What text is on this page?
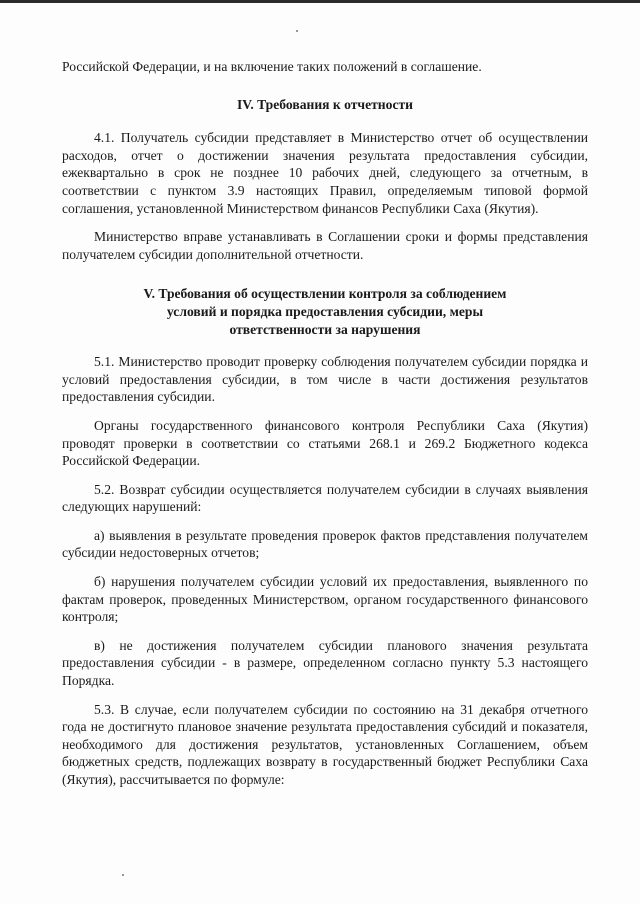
Российской Федерации, и на включение таких положений в соглашение.

IV. Требования к отчетности

4.1. Получатель субсидии представляет в Министерство отчет об осуществлении расходов, отчет о достижении значения результата предоставления субсидии, ежеквартально в срок не позднее 10 рабочих дней, следующего за отчетным, в соответствии с пунктом 3.9 настоящих Правил, определяемым типовой формой соглашения, установленной Министерством финансов Республики Саха (Якутия).

Министерство вправе устанавливать в Соглашении сроки и формы представления получателем субсидии дополнительной отчетности.

V. Требования об осуществлении контроля за соблюдением
условий и порядка предоставления субсидии, меры
ответственности за нарушения

5.1. Министерство проводит проверку соблюдения получателем субсидии порядка и условий предоставления субсидии, в том числе в части достижения результатов предоставления субсидии.

Органы государственного финансового контроля Республики Саха (Якутия) проводят проверки в соответствии со статьями 268.1 и 269.2 Бюджетного кодекса Российской Федерации.

5.2. Возврат субсидии осуществляется получателем субсидии в случаях выявления следующих нарушений:

а) выявления в результате проведения проверок фактов представления получателем субсидии недостоверных отчетов;

б) нарушения получателем субсидии условий их предоставления, выявленного по фактам проверок, проведенных Министерством, органом государственного финансового контроля;

в) не достижения получателем субсидии планового значения результата предоставления субсидии - в размере, определенном согласно пункту 5.3 настоящего Порядка.

5.3. В случае, если получателем субсидии по состоянию на 31 декабря отчетного года не достигнуто плановое значение результата предоставления субсидий и показателя, необходимого для достижения результатов, установленных Соглашением, объем бюджетных средств, подлежащих возврату в государственный бюджет Республики Саха (Якутия), рассчитывается по формуле:
